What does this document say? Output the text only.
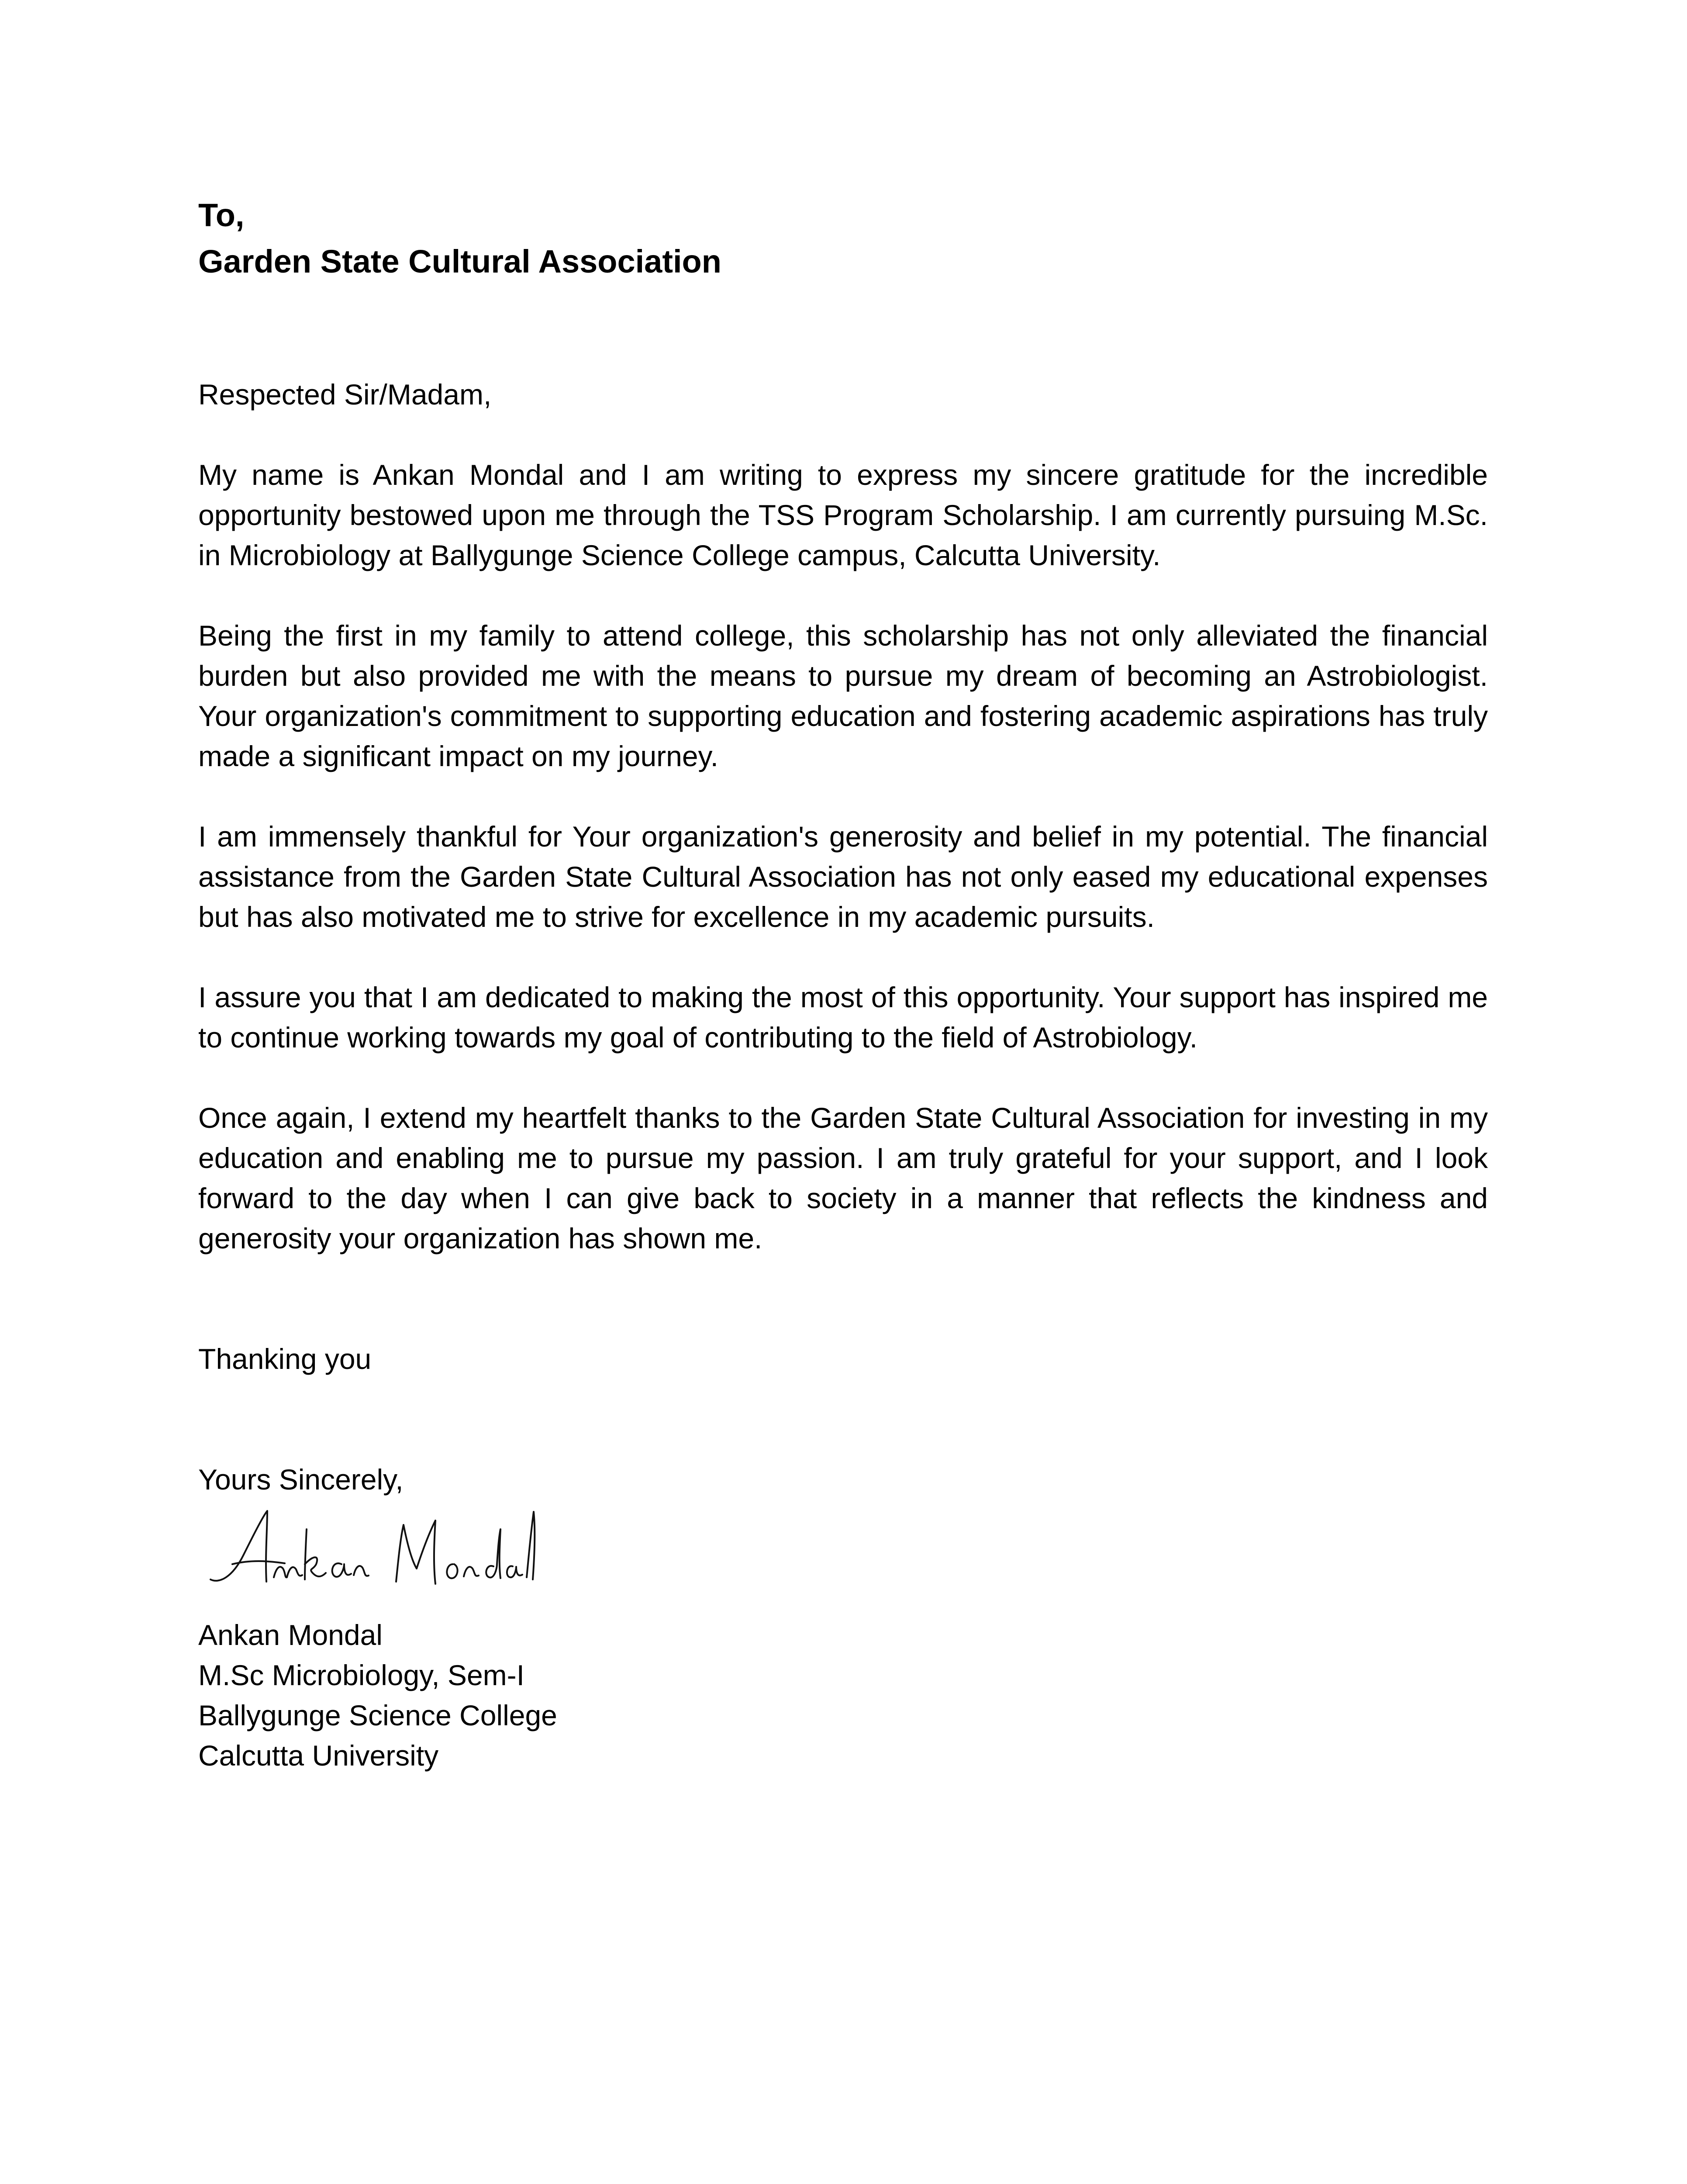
To,
Garden State Cultural Association

Respected Sir/Madam,

My name is Ankan Mondal and I am writing to express my sincere gratitude for the incredible opportunity bestowed upon me through the TSS Program Scholarship. I am currently pursuing M.Sc. in Microbiology at Ballygunge Science College campus, Calcutta University.

Being the first in my family to attend college, this scholarship has not only alleviated the financial burden but also provided me with the means to pursue my dream of becoming an Astrobiologist. Your organization's commitment to supporting education and fostering academic aspirations has truly made a significant impact on my journey.

I am immensely thankful for Your organization's generosity and belief in my potential. The financial assistance from the Garden State Cultural Association has not only eased my educational expenses but has also motivated me to strive for excellence in my academic pursuits.

I assure you that I am dedicated to making the most of this opportunity. Your support has inspired me to continue working towards my goal of contributing to the field of Astrobiology.

Once again, I extend my heartfelt thanks to the Garden State Cultural Association for investing in my education and enabling me to pursue my passion. I am truly grateful for your support, and I look forward to the day when I can give back to society in a manner that reflects the kindness and generosity your organization has shown me.

Thanking you

Yours Sincerely,

Ankan Mondal
M.Sc Microbiology, Sem-I
Ballygunge Science College
Calcutta University
